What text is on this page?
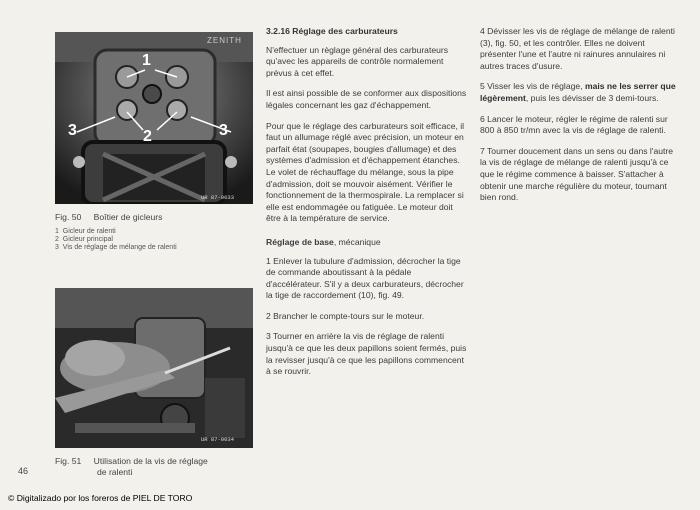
1
2
3	3
ZENITH
UR 87-0033
Fig. 50 Boîtier de gicleurs
1 Gicleur de ralenti
2 Gicleur principal
3 Vis de réglage de mélange de ralenti
UR 87-0034
Fig. 51 Utilisation de la vis de réglage
de ralenti
46

3.2.16 Réglage des carburateurs

N'effectuer un règlage général des carburateurs qu'avec les appareils de contrôle normalement prévus à cet effet.

Il est ainsi possible de se conformer aux dispositions légales concernant les gaz d'échappement.

Pour que le réglage des carburateurs soit efficace, il faut un allumage réglé avec précision, un moteur en parfait état (soupapes, bougies d'allumage) et des systèmes d'admission et d'échappement étanches. Le volet de réchauffage du mélange, sous la pipe d'admission, doit se mouvoir aisément. Vérifier le fonctionnement de la thermospirale. La remplacer si elle est endommagée ou fatiguée. Le moteur doit être à la température de service.

Réglage de base, mécanique

1 Enlever la tubulure d'admission, décrocher la tige de commande aboutissant à la pédale d'accélérateur. S'il y a deux carburateurs, décrocher la tige de raccordement (10), fig. 49.

2 Brancher le compte-tours sur le moteur.

3 Tourner en arrière la vis de réglage de ralenti jusqu'à ce que les deux papillons soient fermés, puis la revisser jusqu'à ce que les papillons commencent à se rouvrir.

4 Dévisser les vis de réglage de mélange de ralenti (3), fig. 50, et les contrôler. Elles ne doivent présenter l'une et l'autre ni rainures annulaires ni autres traces d'usure.

5 Visser les vis de réglage, mais ne les serrer que légèrement, puis les dévisser de 3 demi-tours.

6 Lancer le moteur, régler le régime de ralenti sur 800 à 850 tr/mn avec la vis de réglage de ralenti.

7 Tourner doucement dans un sens ou dans l'autre la vis de réglage de mélange de ralenti jusqu'à ce que le régime commence à baisser. S'attacher à obtenir une marche régulière du moteur, tournant bien rond.

© Digitalizado por los foreros de PIEL DE TORO
